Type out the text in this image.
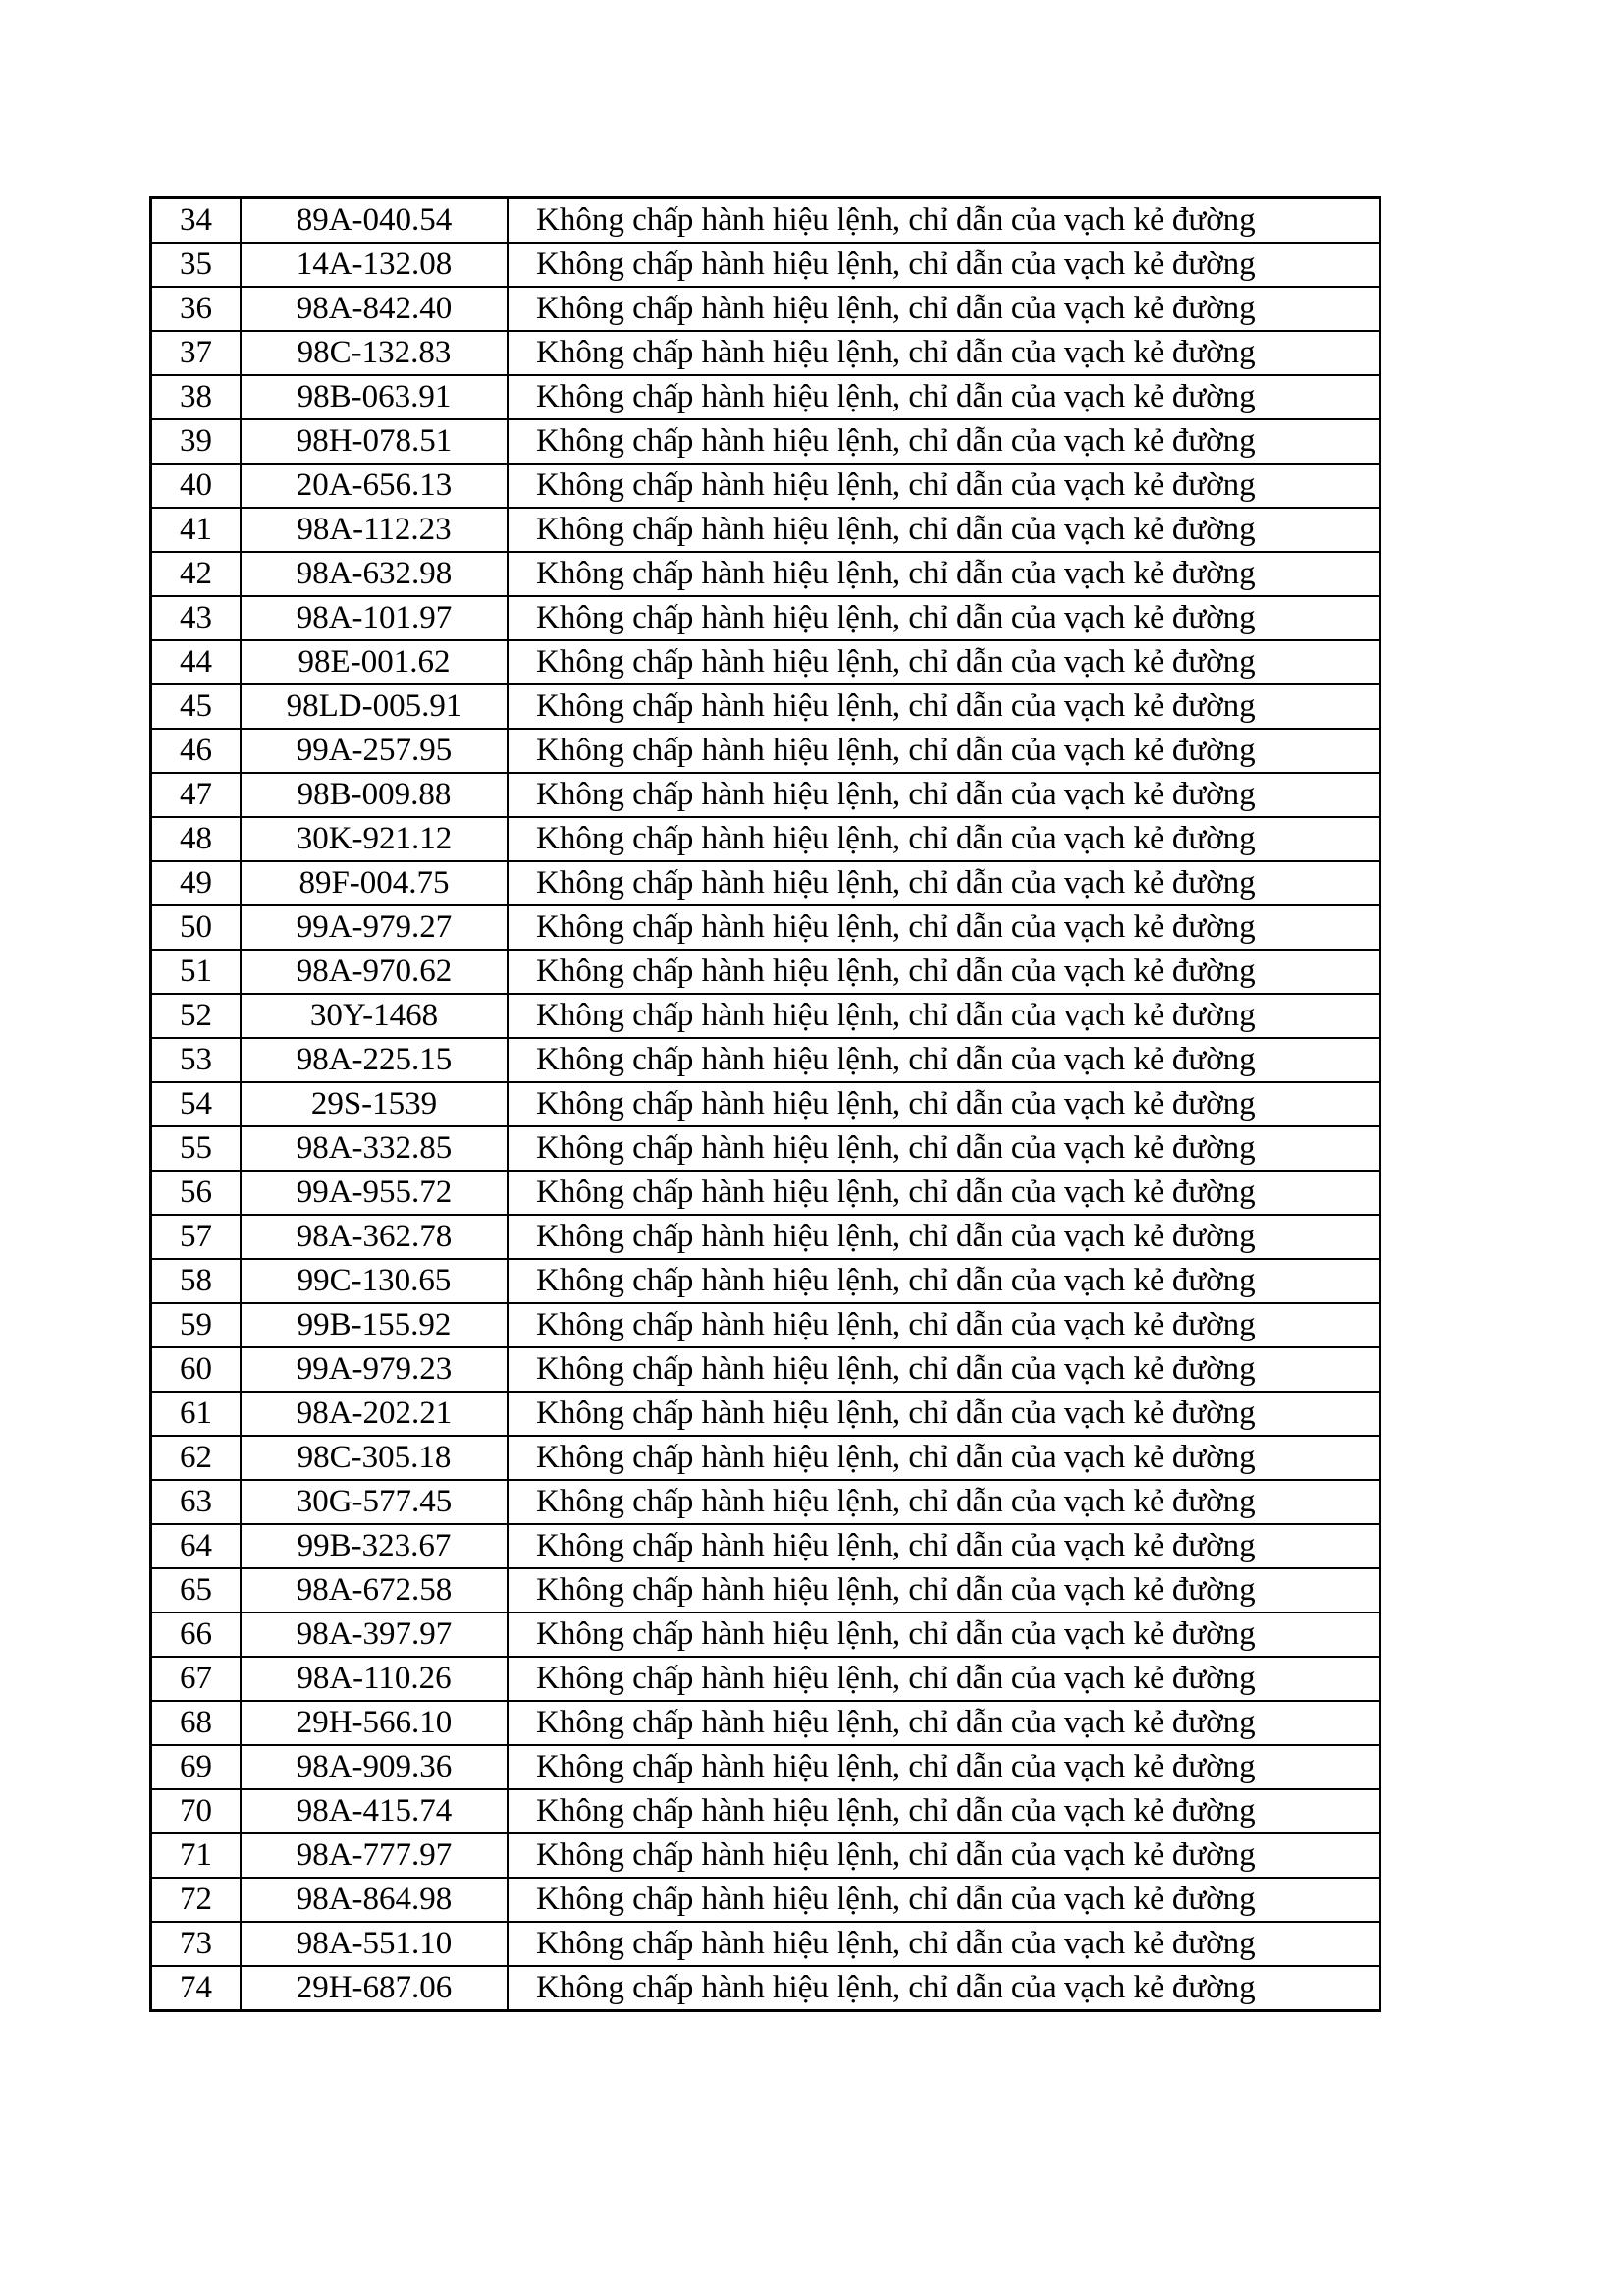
34	89A-040.54	Không chấp hành hiệu lệnh, chỉ dẫn của vạch kẻ đường
35	14A-132.08	Không chấp hành hiệu lệnh, chỉ dẫn của vạch kẻ đường
36	98A-842.40	Không chấp hành hiệu lệnh, chỉ dẫn của vạch kẻ đường
37	98C-132.83	Không chấp hành hiệu lệnh, chỉ dẫn của vạch kẻ đường
38	98B-063.91	Không chấp hành hiệu lệnh, chỉ dẫn của vạch kẻ đường
39	98H-078.51	Không chấp hành hiệu lệnh, chỉ dẫn của vạch kẻ đường
40	20A-656.13	Không chấp hành hiệu lệnh, chỉ dẫn của vạch kẻ đường
41	98A-112.23	Không chấp hành hiệu lệnh, chỉ dẫn của vạch kẻ đường
42	98A-632.98	Không chấp hành hiệu lệnh, chỉ dẫn của vạch kẻ đường
43	98A-101.97	Không chấp hành hiệu lệnh, chỉ dẫn của vạch kẻ đường
44	98E-001.62	Không chấp hành hiệu lệnh, chỉ dẫn của vạch kẻ đường
45	98LD-005.91	Không chấp hành hiệu lệnh, chỉ dẫn của vạch kẻ đường
46	99A-257.95	Không chấp hành hiệu lệnh, chỉ dẫn của vạch kẻ đường
47	98B-009.88	Không chấp hành hiệu lệnh, chỉ dẫn của vạch kẻ đường
48	30K-921.12	Không chấp hành hiệu lệnh, chỉ dẫn của vạch kẻ đường
49	89F-004.75	Không chấp hành hiệu lệnh, chỉ dẫn của vạch kẻ đường
50	99A-979.27	Không chấp hành hiệu lệnh, chỉ dẫn của vạch kẻ đường
51	98A-970.62	Không chấp hành hiệu lệnh, chỉ dẫn của vạch kẻ đường
52	30Y-1468	Không chấp hành hiệu lệnh, chỉ dẫn của vạch kẻ đường
53	98A-225.15	Không chấp hành hiệu lệnh, chỉ dẫn của vạch kẻ đường
54	29S-1539	Không chấp hành hiệu lệnh, chỉ dẫn của vạch kẻ đường
55	98A-332.85	Không chấp hành hiệu lệnh, chỉ dẫn của vạch kẻ đường
56	99A-955.72	Không chấp hành hiệu lệnh, chỉ dẫn của vạch kẻ đường
57	98A-362.78	Không chấp hành hiệu lệnh, chỉ dẫn của vạch kẻ đường
58	99C-130.65	Không chấp hành hiệu lệnh, chỉ dẫn của vạch kẻ đường
59	99B-155.92	Không chấp hành hiệu lệnh, chỉ dẫn của vạch kẻ đường
60	99A-979.23	Không chấp hành hiệu lệnh, chỉ dẫn của vạch kẻ đường
61	98A-202.21	Không chấp hành hiệu lệnh, chỉ dẫn của vạch kẻ đường
62	98C-305.18	Không chấp hành hiệu lệnh, chỉ dẫn của vạch kẻ đường
63	30G-577.45	Không chấp hành hiệu lệnh, chỉ dẫn của vạch kẻ đường
64	99B-323.67	Không chấp hành hiệu lệnh, chỉ dẫn của vạch kẻ đường
65	98A-672.58	Không chấp hành hiệu lệnh, chỉ dẫn của vạch kẻ đường
66	98A-397.97	Không chấp hành hiệu lệnh, chỉ dẫn của vạch kẻ đường
67	98A-110.26	Không chấp hành hiệu lệnh, chỉ dẫn của vạch kẻ đường
68	29H-566.10	Không chấp hành hiệu lệnh, chỉ dẫn của vạch kẻ đường
69	98A-909.36	Không chấp hành hiệu lệnh, chỉ dẫn của vạch kẻ đường
70	98A-415.74	Không chấp hành hiệu lệnh, chỉ dẫn của vạch kẻ đường
71	98A-777.97	Không chấp hành hiệu lệnh, chỉ dẫn của vạch kẻ đường
72	98A-864.98	Không chấp hành hiệu lệnh, chỉ dẫn của vạch kẻ đường
73	98A-551.10	Không chấp hành hiệu lệnh, chỉ dẫn của vạch kẻ đường
74	29H-687.06	Không chấp hành hiệu lệnh, chỉ dẫn của vạch kẻ đường
